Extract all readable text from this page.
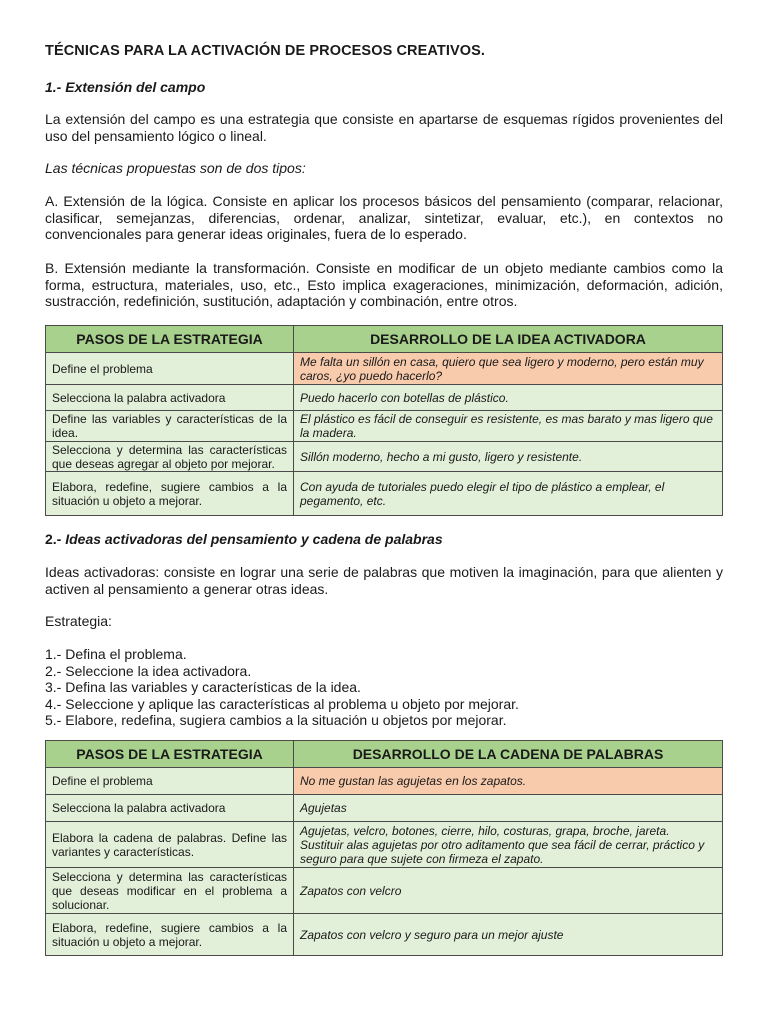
TÉCNICAS PARA LA ACTIVACIÓN DE PROCESOS CREATIVOS.
1.- Extensión del campo
La extensión del campo es una estrategia que consiste en apartarse de esquemas rígidos provenientes del uso del pensamiento lógico o lineal.
Las técnicas propuestas son de dos tipos:
A. Extensión de la lógica. Consiste en aplicar los procesos básicos del pensamiento (comparar, relacionar, clasificar, semejanzas, diferencias, ordenar, analizar, sintetizar, evaluar, etc.), en contextos no convencionales para generar ideas originales, fuera de lo esperado.
B. Extensión mediante la transformación. Consiste en modificar de un objeto mediante cambios como la forma, estructura, materiales, uso, etc., Esto implica exageraciones, minimización, deformación, adición, sustracción, redefinición, sustitución, adaptación y combinación, entre otros.
PASOS DE LA ESTRATEGIA	DESARROLLO DE LA IDEA ACTIVADORA
Define el problema	Me falta un sillón en casa, quiero que sea ligero y moderno, pero están muy caros, ¿yo puedo hacerlo?
Selecciona la palabra activadora	Puedo hacerlo con botellas de plástico.
Define las variables y características de la idea.	El plástico es fácil de conseguir es resistente, es mas barato y mas ligero que la madera.
Selecciona y determina las características que deseas agregar al objeto por mejorar.	Sillón moderno, hecho a mi gusto, ligero y resistente.
Elabora, redefine, sugiere cambios a la situación u objeto a mejorar.	Con ayuda de tutoriales puedo elegir el tipo de plástico a emplear, el pegamento, etc.
2.- Ideas activadoras del pensamiento y cadena de palabras
Ideas activadoras: consiste en lograr una serie de palabras que motiven la imaginación, para que alienten y activen al pensamiento a generar otras ideas.
Estrategia:
1.- Defina el problema.
2.- Seleccione la idea activadora.
3.- Defina las variables y características de la idea.
4.- Seleccione y aplique las características al problema u objeto por mejorar.
5.- Elabore, redefina, sugiera cambios a la situación u objetos por mejorar.
PASOS DE LA ESTRATEGIA	DESARROLLO DE LA CADENA DE PALABRAS
Define el problema	No me gustan las agujetas en los zapatos.
Selecciona la palabra activadora	Agujetas
Elabora la cadena de palabras. Define las variantes y características.	Agujetas, velcro, botones, cierre, hilo, costuras, grapa, broche, jareta. Sustituir alas agujetas por otro aditamento que sea fácil de cerrar, práctico y seguro para que sujete con firmeza el zapato.
Selecciona y determina las características que deseas modificar en el problema a solucionar.	Zapatos con velcro
Elabora, redefine, sugiere cambios a la situación u objeto a mejorar.	Zapatos con velcro y seguro para un mejor ajuste
